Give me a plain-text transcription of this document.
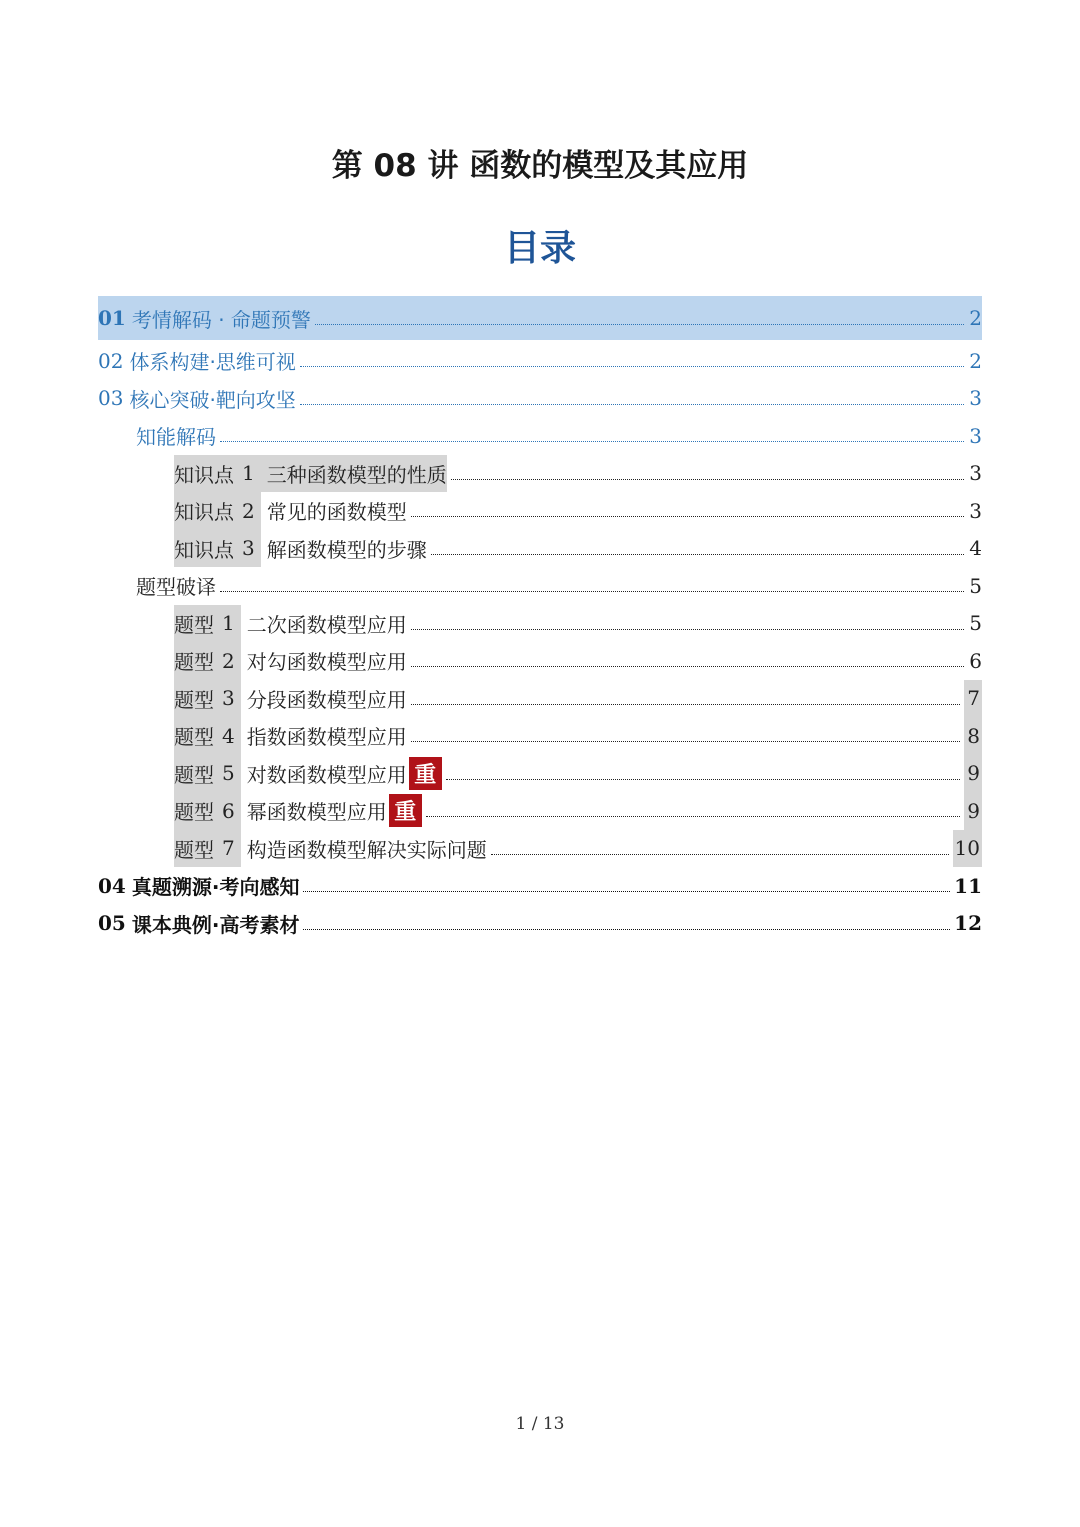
第 08 讲 函数的模型及其应用
目录
01 考情解码 · 命题预警	2
02 体系构建·思维可视	2
03 核心突破·靶向攻坚	3
知能解码	3
知识点 1 三种函数模型的性质	3
知识点 2 常见的函数模型	3
知识点 3 解函数模型的步骤	4
题型破译	5
题型 1 二次函数模型应用	5
题型 2 对勾函数模型应用	6
题型 3 分段函数模型应用	7
题型 4 指数函数模型应用	8
题型 5 对数函数模型应用 重	9
题型 6 幂函数模型应用 重	9
题型 7 构造函数模型解决实际问题	10
04 真题溯源·考向感知	11
05 课本典例·高考素材	12
1 / 13
